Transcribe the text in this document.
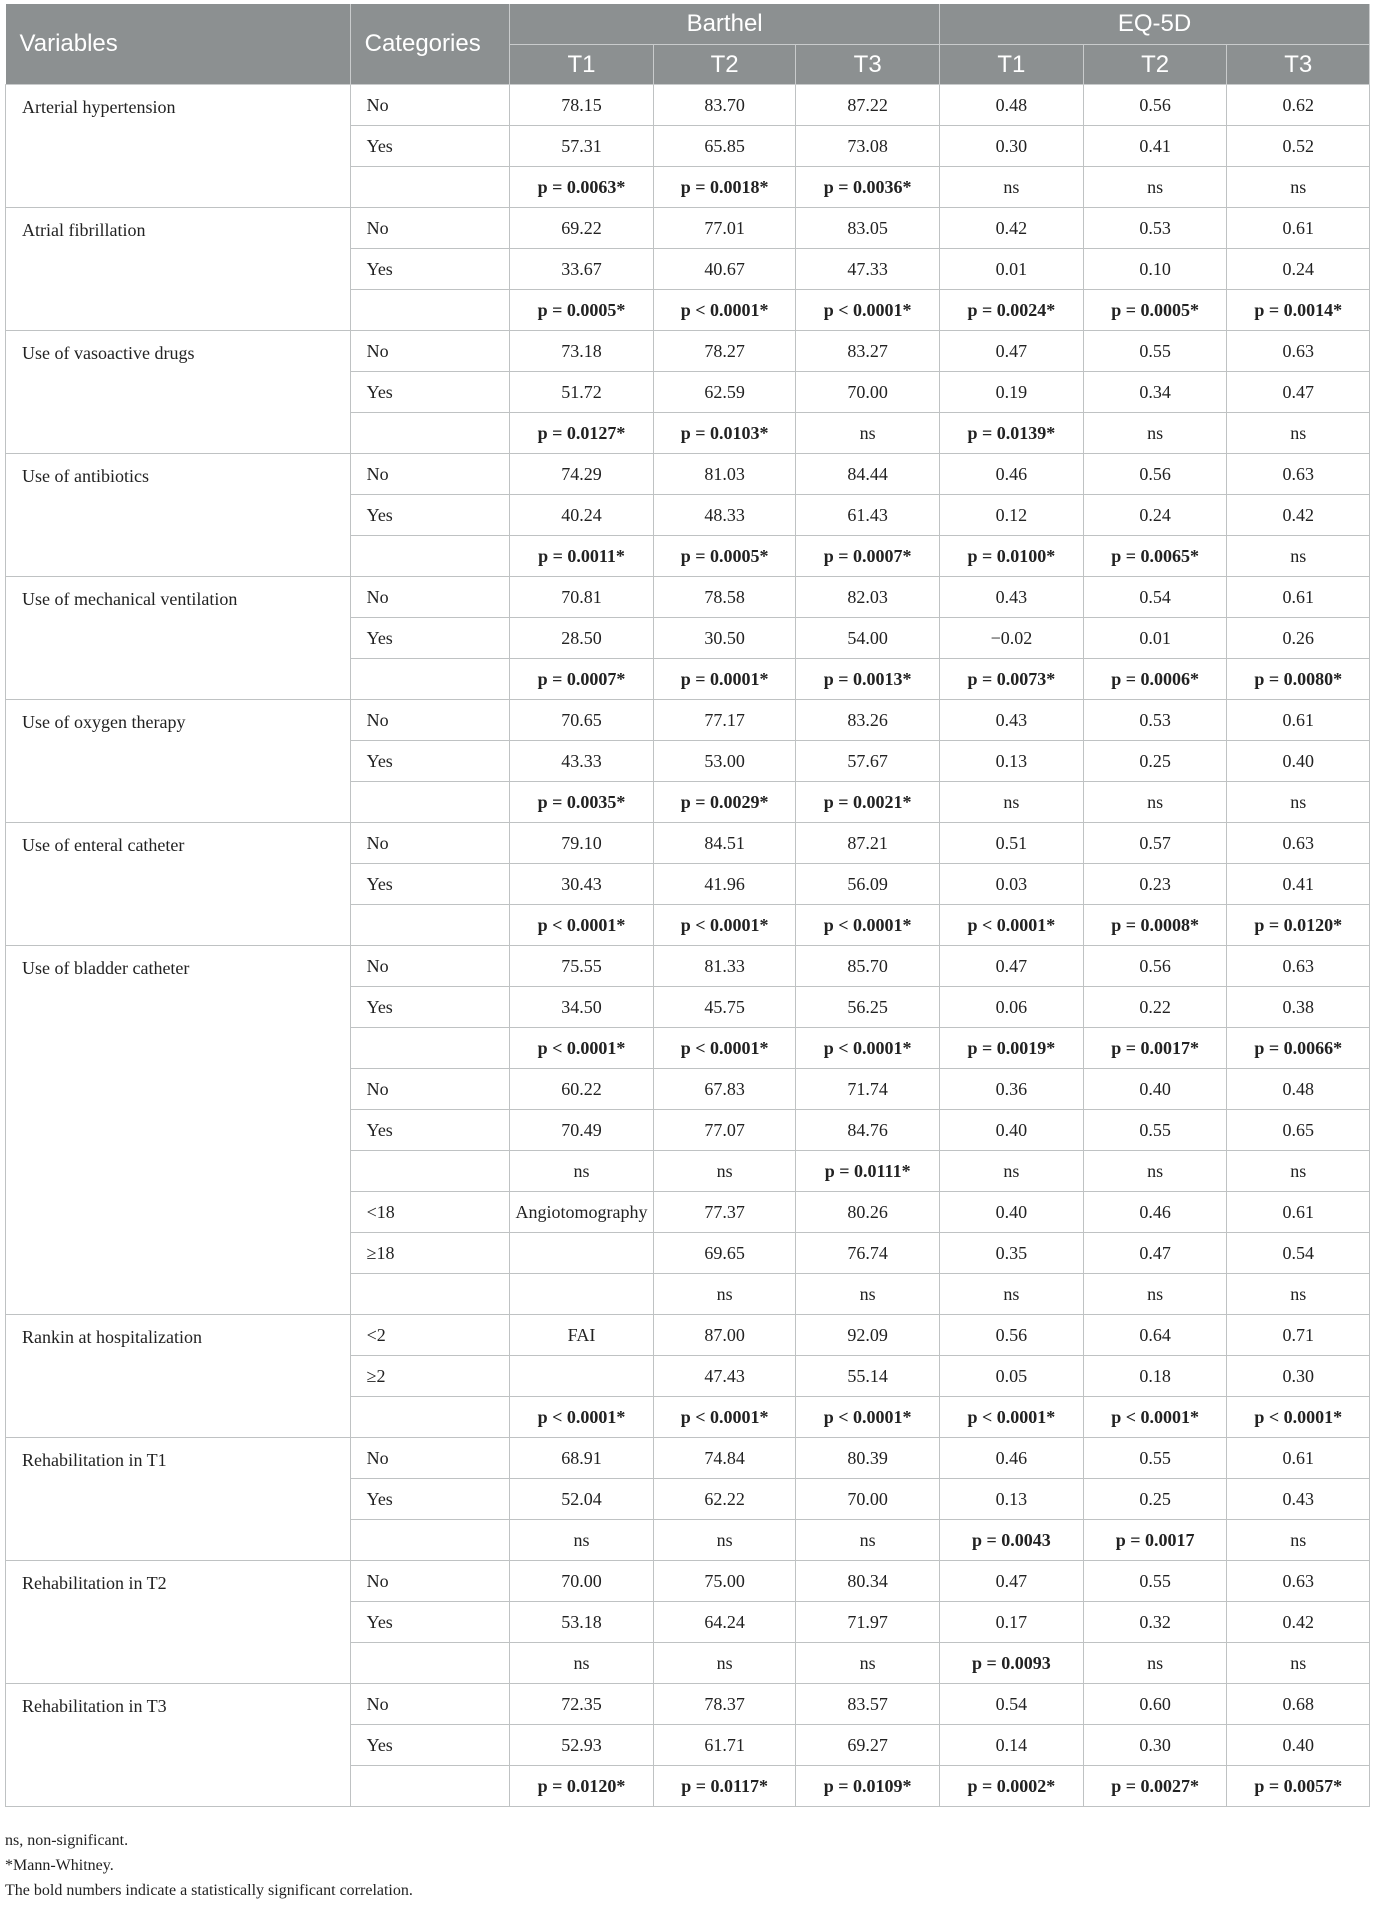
Variables	Categories	Barthel			EQ-5D		
		T1	T2	T3	T1	T2	T3
Arterial hypertension	No	78.15	83.70	87.22	0.48	0.56	0.62
	Yes	57.31	65.85	73.08	0.30	0.41	0.52
		p = 0.0063*	p = 0.0018*	p = 0.0036*	ns	ns	ns
Atrial fibrillation	No	69.22	77.01	83.05	0.42	0.53	0.61
	Yes	33.67	40.67	47.33	0.01	0.10	0.24
		p = 0.0005*	p < 0.0001*	p < 0.0001*	p = 0.0024*	p = 0.0005*	p = 0.0014*
Use of vasoactive drugs	No	73.18	78.27	83.27	0.47	0.55	0.63
	Yes	51.72	62.59	70.00	0.19	0.34	0.47
		p = 0.0127*	p = 0.0103*	ns	p = 0.0139*	ns	ns
Use of antibiotics	No	74.29	81.03	84.44	0.46	0.56	0.63
	Yes	40.24	48.33	61.43	0.12	0.24	0.42
		p = 0.0011*	p = 0.0005*	p = 0.0007*	p = 0.0100*	p = 0.0065*	ns
Use of mechanical ventilation	No	70.81	78.58	82.03	0.43	0.54	0.61
	Yes	28.50	30.50	54.00	−0.02	0.01	0.26
		p = 0.0007*	p = 0.0001*	p = 0.0013*	p = 0.0073*	p = 0.0006*	p = 0.0080*
Use of oxygen therapy	No	70.65	77.17	83.26	0.43	0.53	0.61
	Yes	43.33	53.00	57.67	0.13	0.25	0.40
		p = 0.0035*	p = 0.0029*	p = 0.0021*	ns	ns	ns
Use of enteral catheter	No	79.10	84.51	87.21	0.51	0.57	0.63
	Yes	30.43	41.96	56.09	0.03	0.23	0.41
		p < 0.0001*	p < 0.0001*	p < 0.0001*	p < 0.0001*	p = 0.0008*	p = 0.0120*
Use of bladder catheter	No	75.55	81.33	85.70	0.47	0.56	0.63
	Yes	34.50	45.75	56.25	0.06	0.22	0.38
		p < 0.0001*	p < 0.0001*	p < 0.0001*	p = 0.0019*	p = 0.0017*	p = 0.0066*
	No	60.22	67.83	71.74	0.36	0.40	0.48
	Yes	70.49	77.07	84.76	0.40	0.55	0.65
		ns	ns	p = 0.0111*	ns	ns	ns
	<18	Angiotomography	77.37	80.26	0.40	0.46	0.61
	≥18		69.65	76.74	0.35	0.47	0.54
			ns	ns	ns	ns	ns
Rankin at hospitalization	<2	FAI	87.00	92.09	0.56	0.64	0.71
	≥2		47.43	55.14	0.05	0.18	0.30
		p < 0.0001*	p < 0.0001*	p < 0.0001*	p < 0.0001*	p < 0.0001*	p < 0.0001*
Rehabilitation in T1	No	68.91	74.84	80.39	0.46	0.55	0.61
	Yes	52.04	62.22	70.00	0.13	0.25	0.43
		ns	ns	ns	p = 0.0043	p = 0.0017	ns
Rehabilitation in T2	No	70.00	75.00	80.34	0.47	0.55	0.63
	Yes	53.18	64.24	71.97	0.17	0.32	0.42
		ns	ns	ns	p = 0.0093	ns	ns
Rehabilitation in T3	No	72.35	78.37	83.57	0.54	0.60	0.68
	Yes	52.93	61.71	69.27	0.14	0.30	0.40
		p = 0.0120*	p = 0.0117*	p = 0.0109*	p = 0.0002*	p = 0.0027*	p = 0.0057*
ns, non-significant.
*Mann-Whitney.
The bold numbers indicate a statistically significant correlation.
